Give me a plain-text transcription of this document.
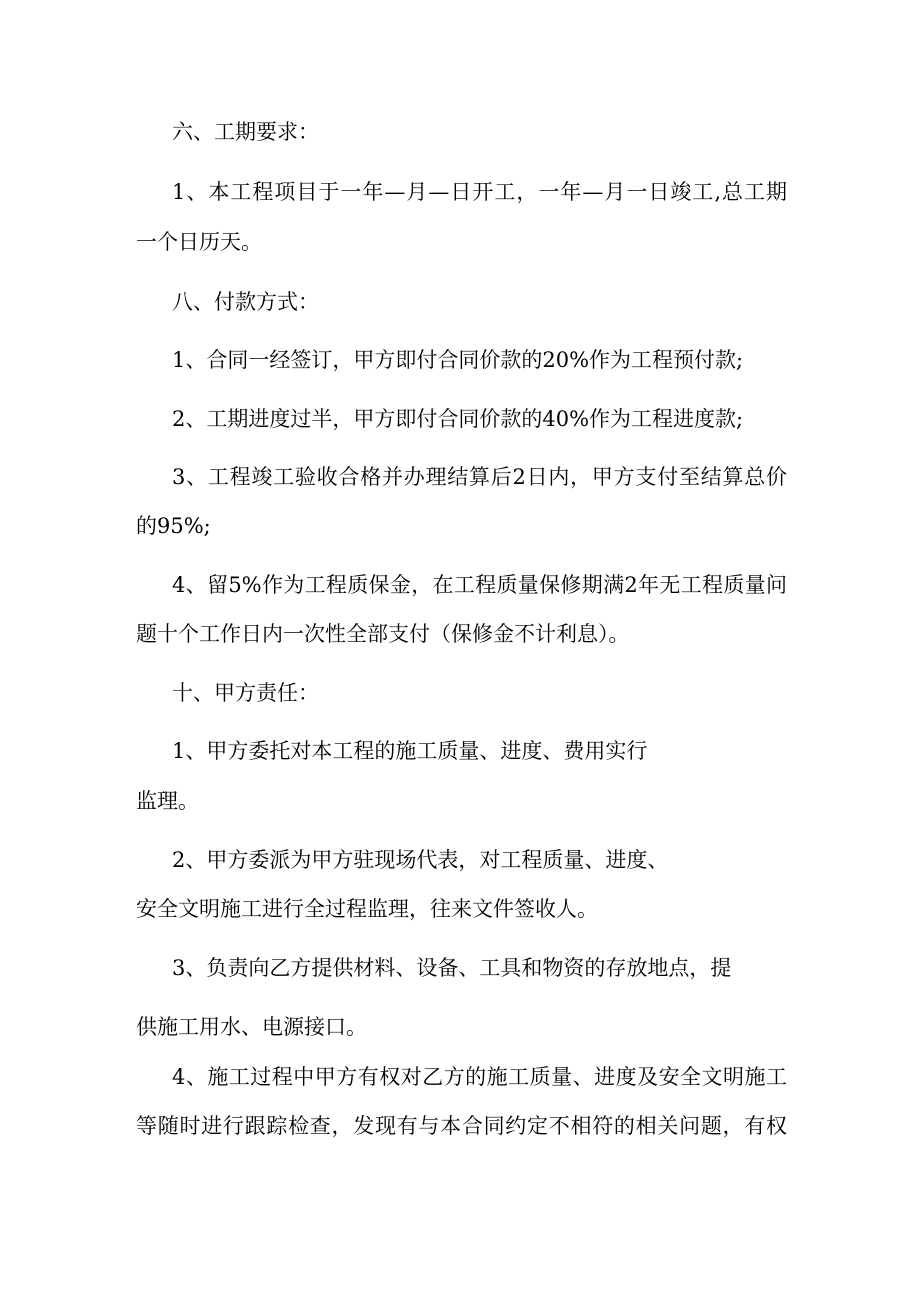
六、工期要求：

1、本工程项目于一年—月—日开工，一年—月一日竣工,总工期

一个日历天。

八、付款方式：

1、合同一经签订，甲方即付合同价款的20%作为工程预付款;

2、工期进度过半，甲方即付合同价款的40%作为工程进度款;

3、工程竣工验收合格并办理结算后2日内，甲方支付至结算总价

的95%;

4、留5%作为工程质保金，在工程质量保修期满2年无工程质量问

题十个工作日内一次性全部支付（保修金不计利息）。

十、甲方责任：

1、甲方委托对本工程的施工质量、进度、费用实行

监理。

2、甲方委派为甲方驻现场代表，对工程质量、进度、

安全文明施工进行全过程监理，往来文件签收人。

3、负责向乙方提供材料、设备、工具和物资的存放地点，提

供施工用水、电源接口。

4、施工过程中甲方有权对乙方的施工质量、进度及安全文明施工

等随时进行跟踪检查，发现有与本合同约定不相符的相关问题，有权
